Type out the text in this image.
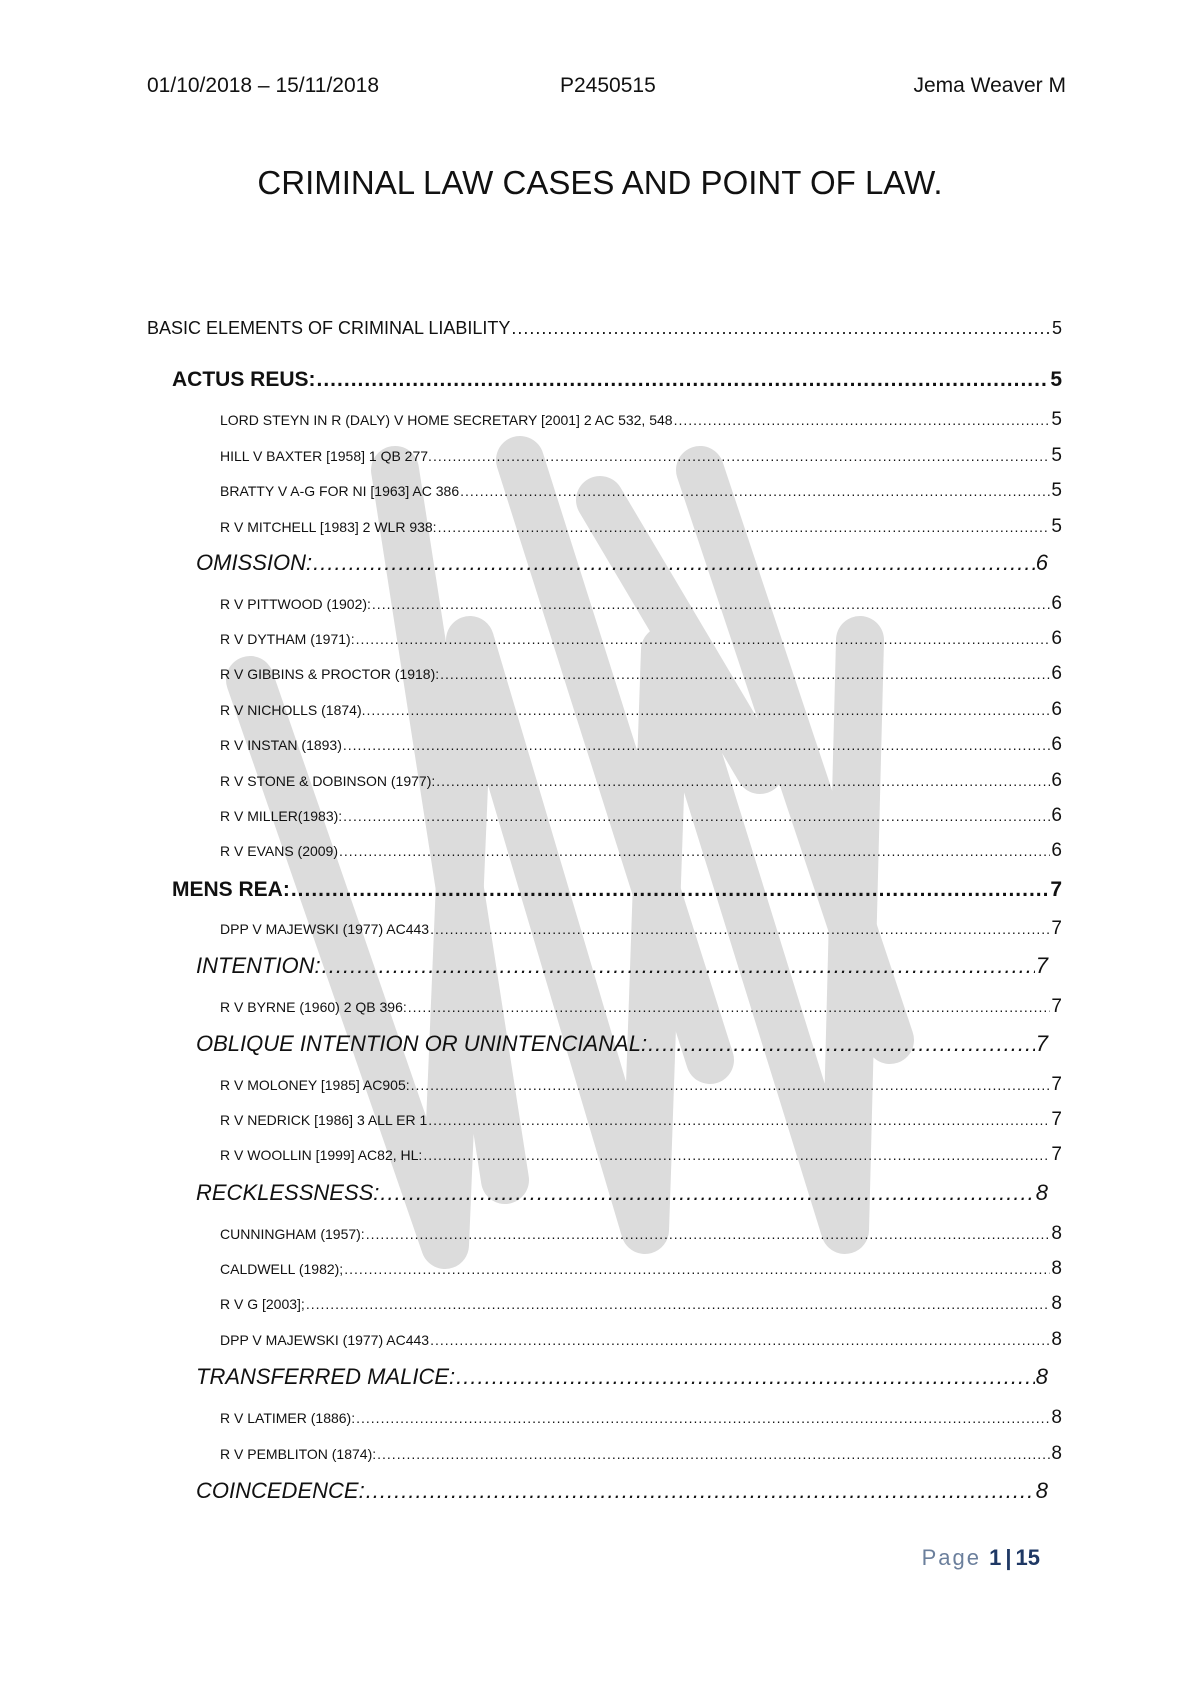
01/10/2018 – 15/11/2018	P2450515	Jema Weaver M
CRIMINAL LAW CASES AND POINT OF LAW.
BASIC ELEMENTS OF CRIMINAL LIABILITY .....	5
ACTUS REUS: .....	5
LORD STEYN IN R (DALY) V HOME SECRETARY [2001] 2 AC 532, 548 .....	5
HILL V BAXTER [1958] 1 QB 277. .....	5
BRATTY V A-G FOR NI [1963] AC 386 .....	5
R V MITCHELL [1983] 2 WLR 938: .....	5
OMISSION: .....	6
R V PITTWOOD (1902): .....	6
R V DYTHAM (1971): .....	6
R V GIBBINS & PROCTOR (1918): .....	6
R V NICHOLLS (1874). .....	6
R V INSTAN (1893) .....	6
R V STONE & DOBINSON (1977): .....	6
R V MILLER(1983): .....	6
R V EVANS (2009) .....	6
MENS REA: .....	7
DPP V MAJEWSKI (1977) AC443 .....	7
INTENTION: .....	7
R V BYRNE (1960) 2 QB 396: .....	7
OBLIQUE INTENTION OR UNINTENCIANAL: .....	7
R V MOLONEY [1985] AC905: .....	7
R V NEDRICK [1986] 3 ALL ER 1 .....	7
R V WOOLLIN [1999] AC82, HL: .....	7
RECKLESSNESS: .....	8
CUNNINGHAM (1957): .....	8
CALDWELL (1982); .....	8
R V G [2003]; .....	8
DPP V MAJEWSKI (1977) AC443 .....	8
TRANSFERRED MALICE: .....	8
R V LATIMER (1886): .....	8
R V PEMBLITON (1874): .....	8
COINCEDENCE: .....	8
Page 1 | 15
